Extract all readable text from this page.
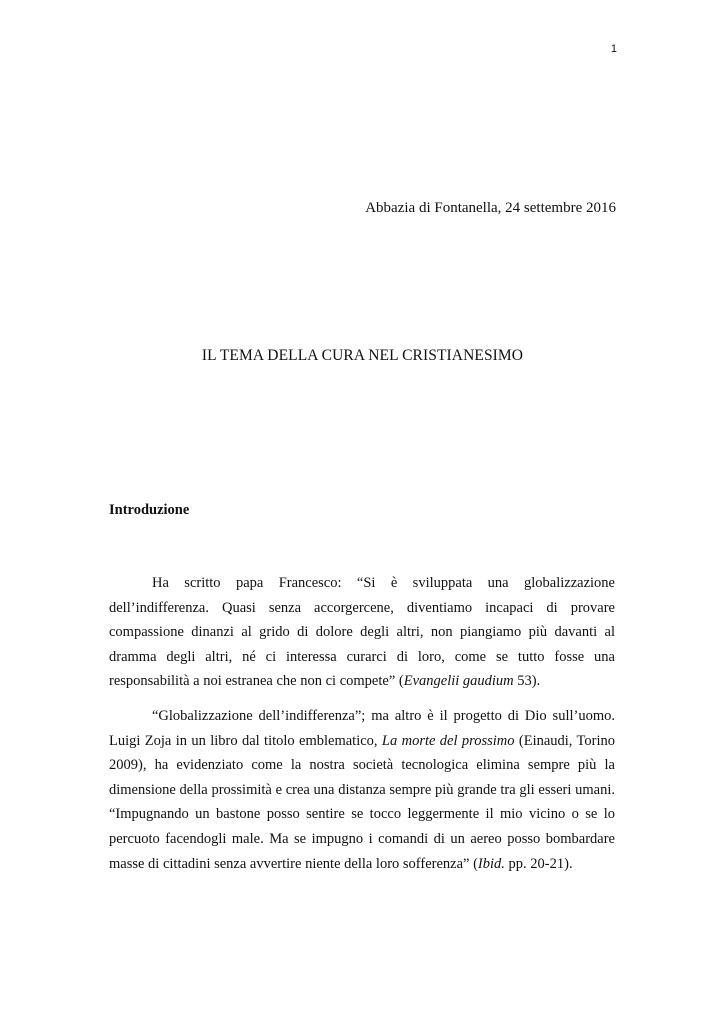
1
Abbazia di Fontanella, 24 settembre 2016
IL TEMA DELLA CURA NEL CRISTIANESIMO
Introduzione

Ha scritto papa Francesco: “Si è sviluppata una globalizzazione dell’indifferenza. Quasi senza accorgercene, diventiamo incapaci di provare compassione dinanzi al grido di dolore degli altri, non piangiamo più davanti al dramma degli altri, né ci interessa curarci di loro, come se tutto fosse una responsabilità a noi estranea che non ci compete” (Evangelii gaudium 53).

“Globalizzazione dell’indifferenza”; ma altro è il progetto di Dio sull’uomo. Luigi Zoja in un libro dal titolo emblematico, La morte del prossimo (Einaudi, Torino 2009), ha evidenziato come la nostra società tecnologica elimina sempre più la dimensione della prossimità e crea una distanza sempre più grande tra gli esseri umani. “Impugnando un bastone posso sentire se tocco leggermente il mio vicino o se lo percuoto facendogli male. Ma se impugno i comandi di un aereo posso bombardare masse di cittadini senza avvertire niente della loro sofferenza” (Ibid. pp. 20-21).
